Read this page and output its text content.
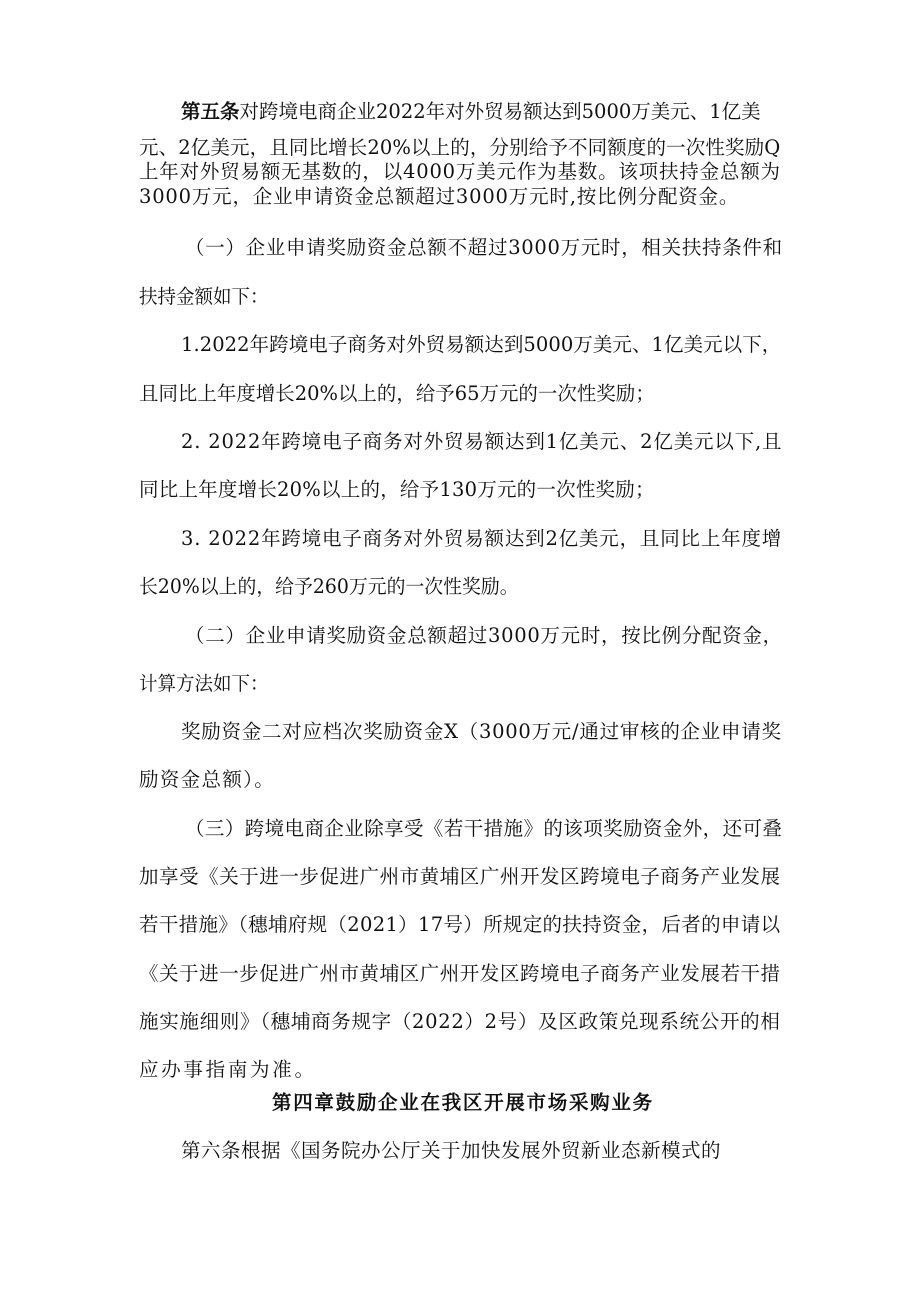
第五条对跨境电商企业2022年对外贸易额达到5000万美元、1亿美
元、2亿美元，且同比增长20%以上的，分别给予不同额度的一次性奖励Q
上年对外贸易额无基数的，以4000万美元作为基数。该项扶持金总额为
3000万元，企业申请资金总额超过3000万元时,按比例分配资金。
（一）企业申请奖励资金总额不超过3000万元时，相关扶持条件和
扶持金额如下：
1.2022年跨境电子商务对外贸易额达到5000万美元、1亿美元以下，
且同比上年度增长20%以上的，给予65万元的一次性奖励；
2. 2022年跨境电子商务对外贸易额达到1亿美元、2亿美元以下,且
同比上年度增长20%以上的，给予130万元的一次性奖励；
3. 2022年跨境电子商务对外贸易额达到2亿美元，且同比上年度增
长20%以上的，给予260万元的一次性奖励。
（二）企业申请奖励资金总额超过3000万元时，按比例分配资金，
计算方法如下：
奖励资金二对应档次奖励资金X（3000万元/通过审核的企业申请奖
励资金总额）。
（三）跨境电商企业除享受《若干措施》的该项奖励资金外，还可叠
加享受《关于进一步促进广州市黄埔区广州开发区跨境电子商务产业发展
若干措施》（穗埔府规（2021）17号）所规定的扶持资金，后者的申请以
《关于进一步促进广州市黄埔区广州开发区跨境电子商务产业发展若干措
施实施细则》（穗埔商务规字（2022）2号）及区政策兑现系统公开的相
应办事指南为准。
第四章鼓励企业在我区开展市场采购业务
第六条根据《国务院办公厅关于加快发展外贸新业态新模式的
